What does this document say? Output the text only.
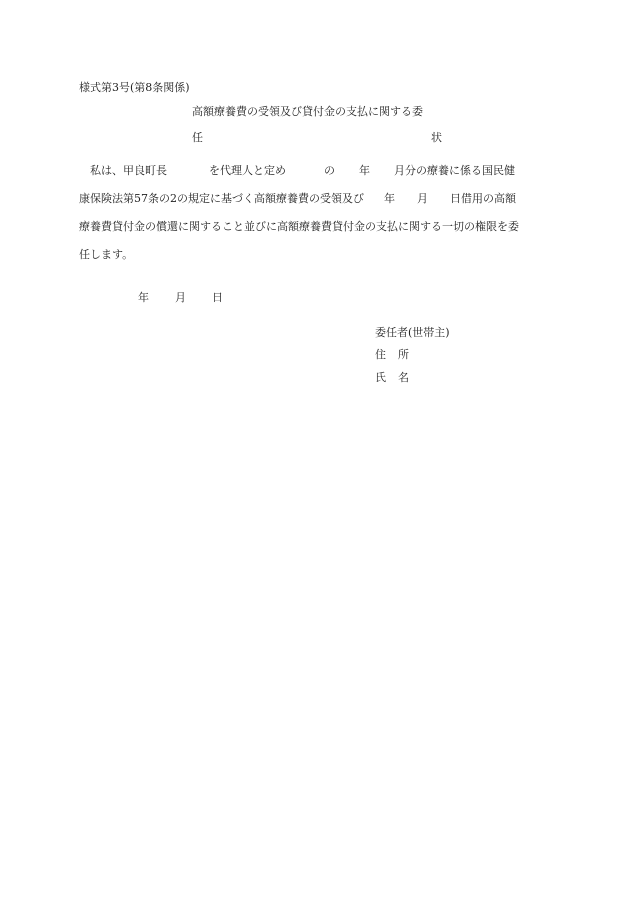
様式第3号(第8条関係)
高額療養費の受領及び貸付金の支払に関する委
任	状
私は、甲良町長	を代理人と定め	の 年 月分の療養に係る国民健
康保険法第57条の2の規定に基づく高額療養費の受領及び 年 月 日借用の高額
療養費貸付金の償還に関すること並びに高額療養費貸付金の支払に関する一切の権限を委
任します。
年 月 日
委任者(世帯主)
住 所
氏 名
